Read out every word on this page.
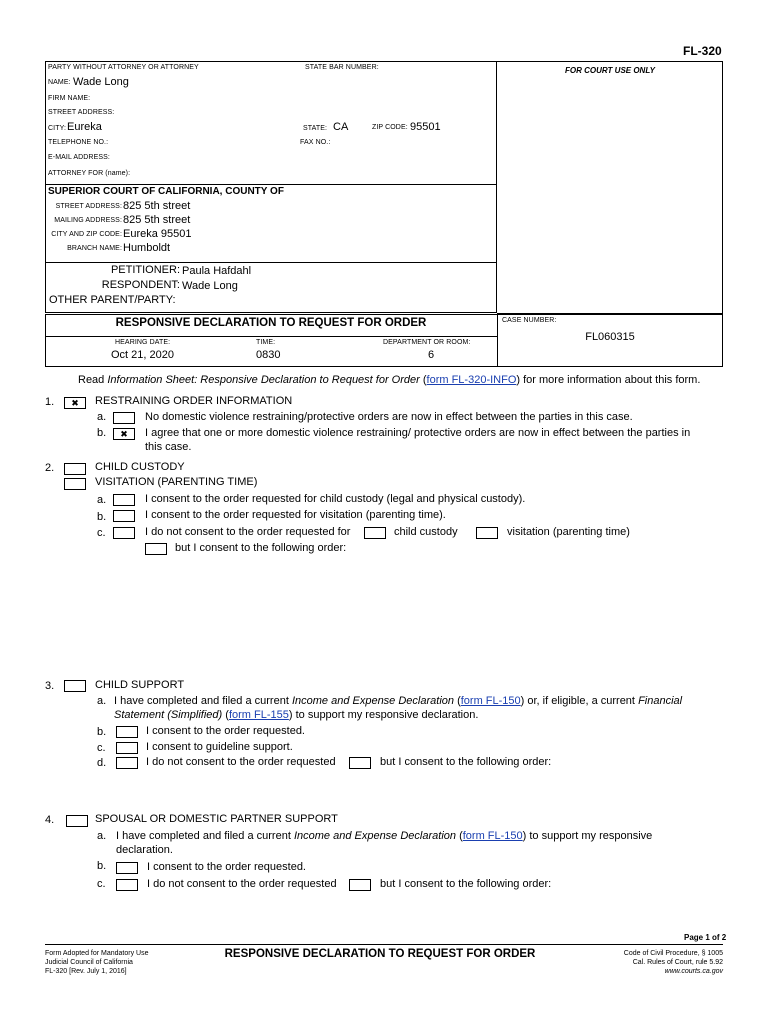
FL-320
FOR COURT USE ONLY
PARTY WITHOUT ATTORNEY OR ATTORNEY	STATE BAR NUMBER:
NAME: Wade Long
FIRM NAME:
STREET ADDRESS:
CITY: Eureka	STATE: CA	ZIP CODE: 95501
TELEPHONE NO.:	FAX NO.:
E-MAIL ADDRESS:
ATTORNEY FOR (name):
SUPERIOR COURT OF CALIFORNIA, COUNTY OF
STREET ADDRESS: 825 5th street
MAILING ADDRESS: 825 5th street
CITY AND ZIP CODE: Eureka 95501
BRANCH NAME: Humboldt
PETITIONER: Paula Hafdahl
RESPONDENT: Wade Long
OTHER PARENT/PARTY:
RESPONSIVE DECLARATION TO REQUEST FOR ORDER	CASE NUMBER:
FL060315
HEARING DATE:
Oct 21, 2020
TIME:
0830
DEPARTMENT OR ROOM:
6
Read Information Sheet: Responsive Declaration to Request for Order (form FL-320-INFO) for more information about this form.
1.	✖	RESTRAINING ORDER INFORMATION
a.	No domestic violence restraining/protective orders are now in effect between the parties in this case.
b.	✖	I agree that one or more domestic violence restraining/ protective orders are now in effect between the parties in
this case.
2.	CHILD CUSTODY
VISITATION (PARENTING TIME)
a.	I consent to the order requested for child custody (legal and physical custody).
b.	I consent to the order requested for visitation (parenting time).
c.	I do not consent to the order requested for	child custody	visitation (parenting time)
but I consent to the following order:
3.	CHILD SUPPORT
a. I have completed and filed a current Income and Expense Declaration (form FL-150) or, if eligible, a current Financial
Statement (Simplified) (form FL-155) to support my responsive declaration.
b.	I consent to the order requested.
c.	I consent to guideline support.
d.	I do not consent to the order requested	but I consent to the following order:
4.	SPOUSAL OR DOMESTIC PARTNER SUPPORT
a. I have completed and filed a current Income and Expense Declaration (form FL-150) to support my responsive
declaration.
b.	I consent to the order requested.
c.	I do not consent to the order requested	but I consent to the following order:
Page 1 of 2
Form Adopted for Mandatory Use
Judicial Council of California
FL-320 [Rev. July 1, 2016]
RESPONSIVE DECLARATION TO REQUEST FOR ORDER	Code of Civil Procedure, § 1005
Cal. Rules of Court, rule 5.92
www.courts.ca.gov
